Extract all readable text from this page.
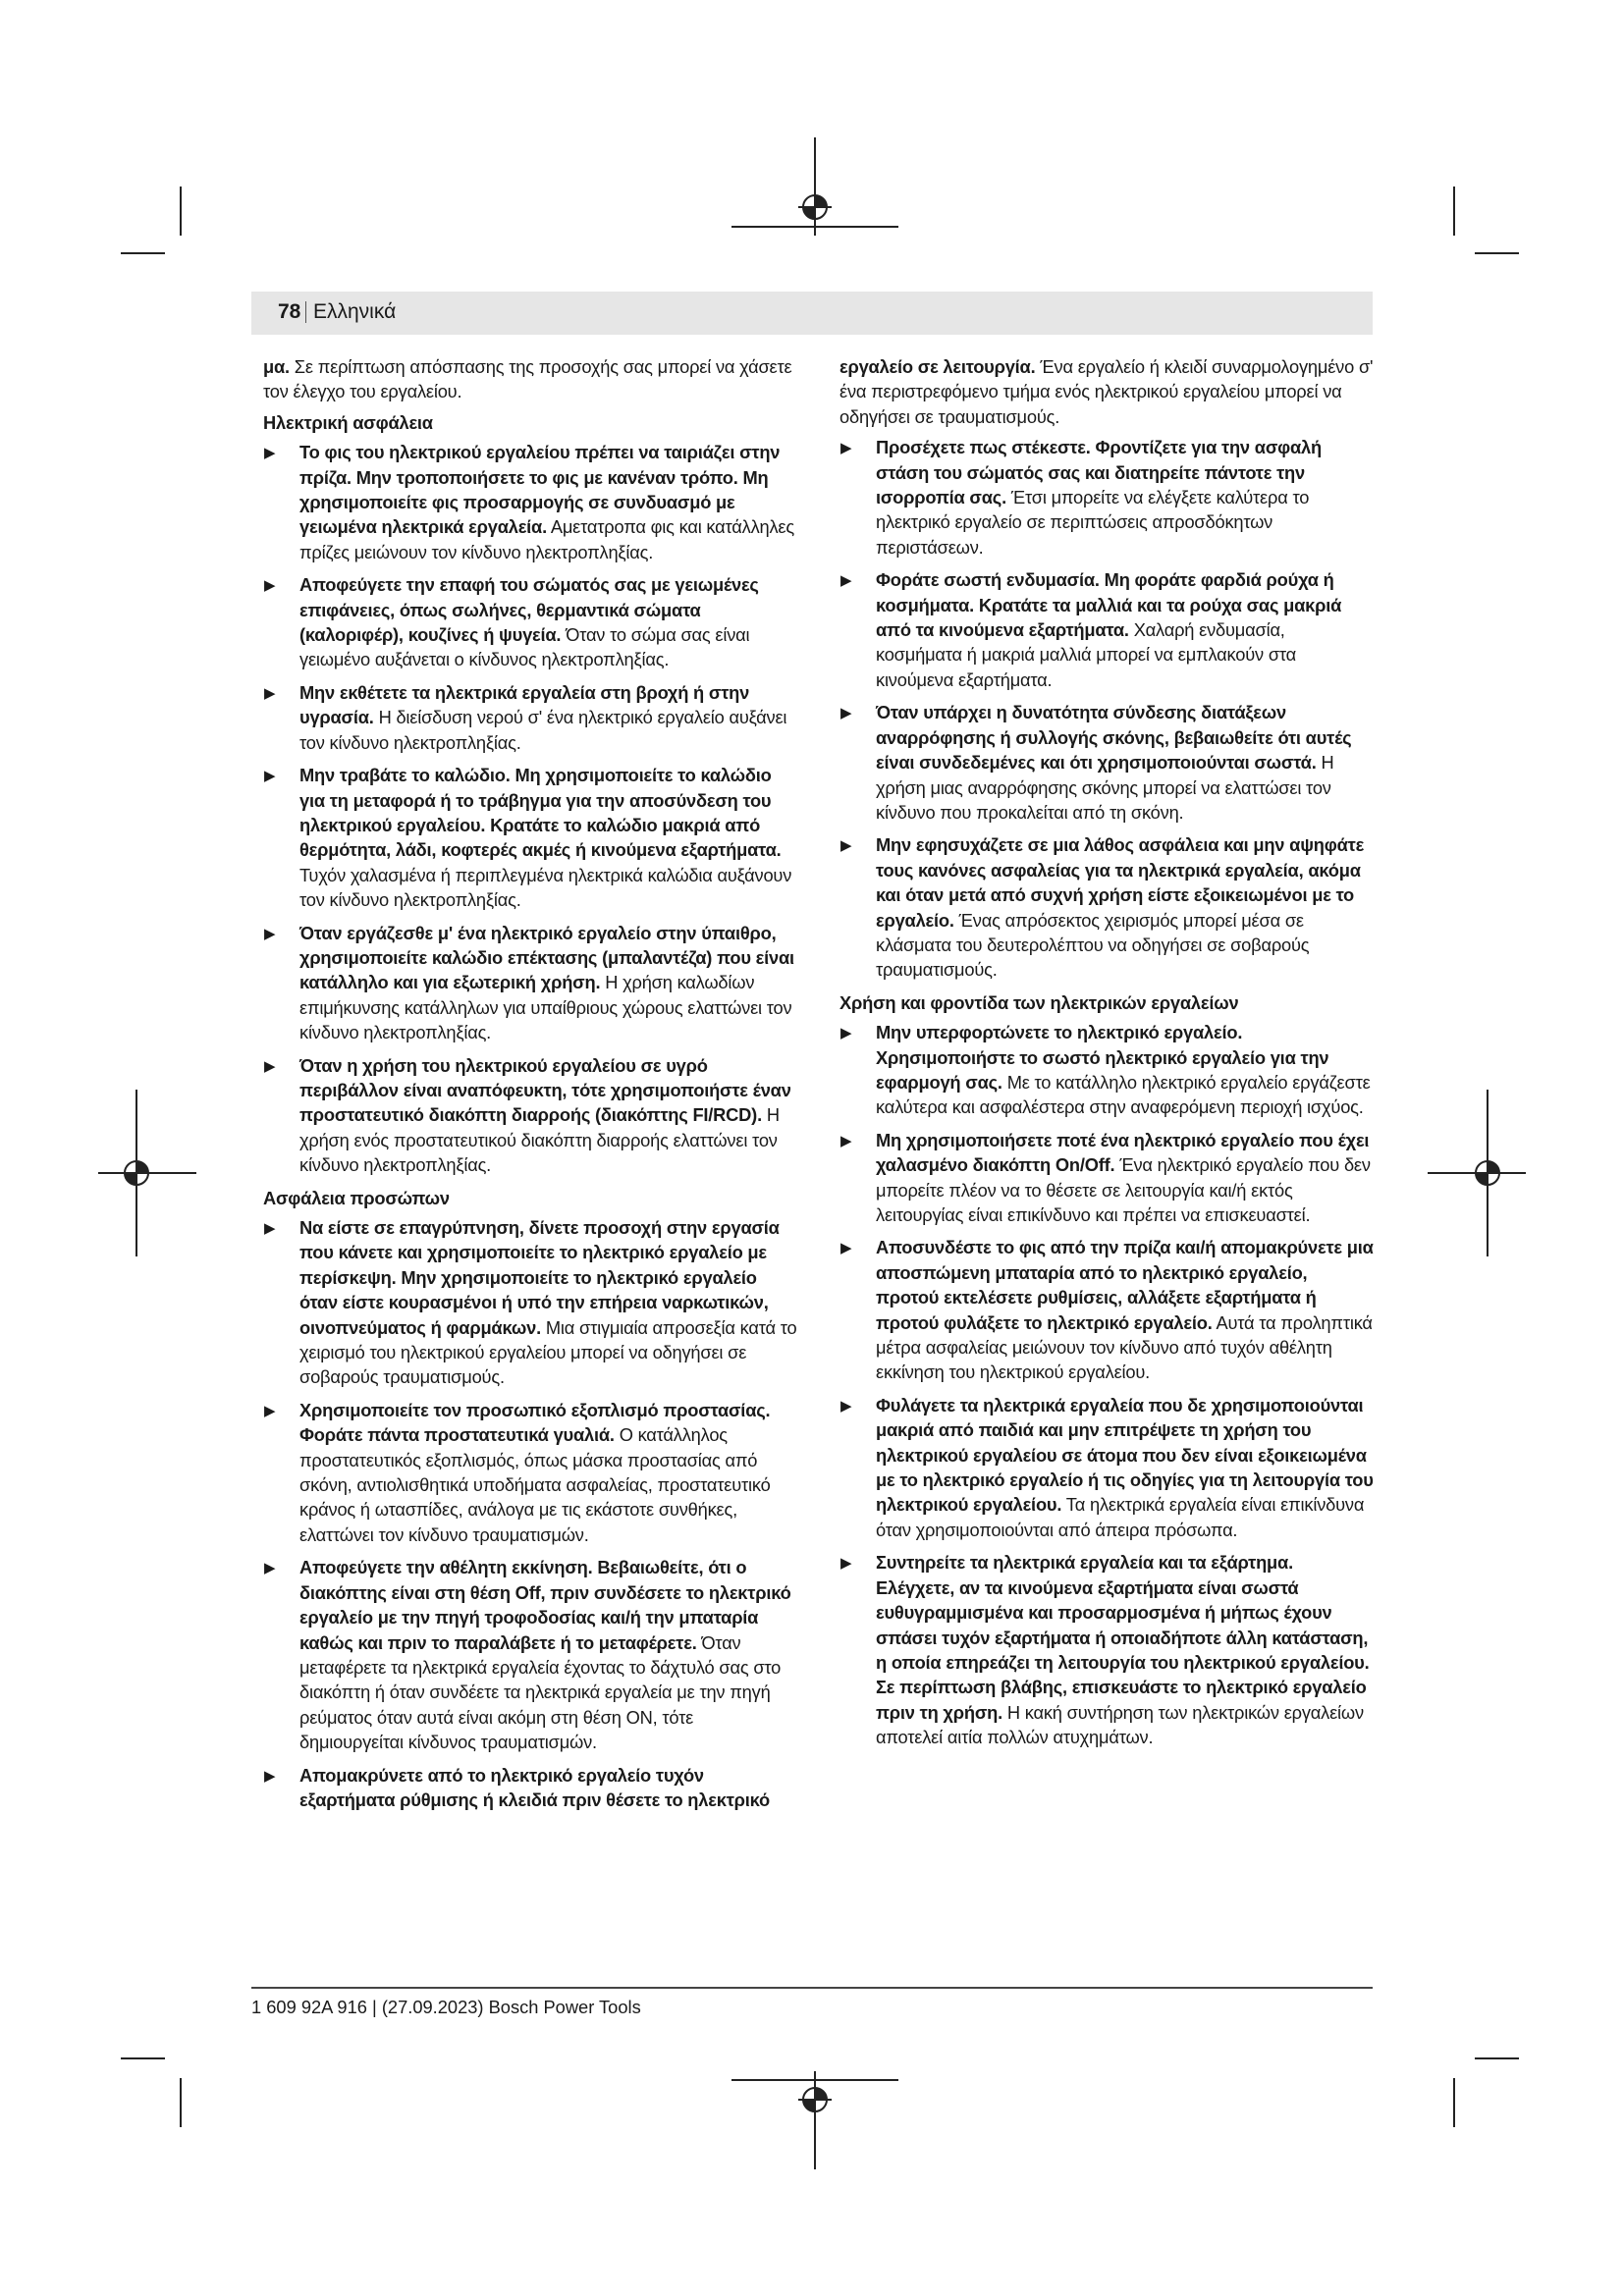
78 Ελληνικά

μα. Σε περίπτωση απόσπασης της προσοχής σας μπορεί να χάσετε τον έλεγχο του εργαλείου.

Ηλεκτρική ασφάλεια
▶ Το φις του ηλεκτρικού εργαλείου πρέπει να ταιριάζει στην πρίζα. Μην τροποποιήσετε το φις με κανέναν τρόπο. Μη χρησιμοποιείτε φις προσαρμογής σε συνδυασμό με γειωμένα ηλεκτρικά εργαλεία. Αμετατροπα φις και κατάλληλες πρίζες μειώνουν τον κίνδυνο ηλεκτροπληξίας.
▶ Αποφεύγετε την επαφή του σώματός σας με γειωμένες επιφάνειες, όπως σωλήνες, θερμαντικά σώματα (καλοριφέρ), κουζίνες ή ψυγεία. Όταν το σώμα σας είναι γειωμένο αυξάνεται ο κίνδυνος ηλεκτροπληξίας.
▶ Μην εκθέτετε τα ηλεκτρικά εργαλεία στη βροχή ή στην υγρασία. Η διείσδυση νερού σ' ένα ηλεκτρικό εργαλείο αυξάνει τον κίνδυνο ηλεκτροπληξίας.
▶ Μην τραβάτε το καλώδιο. Μη χρησιμοποιείτε το καλώδιο για τη μεταφορά ή το τράβηγμα για την αποσύνδεση του ηλεκτρικού εργαλείου. Κρατάτε το καλώδιο μακριά από θερμότητα, λάδι, κοφτερές ακμές ή κινούμενα εξαρτήματα. Τυχόν χαλασμένα ή περιπλεγμένα ηλεκτρικά καλώδια αυξάνουν τον κίνδυνο ηλεκτροπληξίας.
▶ Όταν εργάζεσθε μ' ένα ηλεκτρικό εργαλείο στην ύπαιθρο, χρησιμοποιείτε καλώδιο επέκτασης (μπαλαντέζα) που είναι κατάλληλο και για εξωτερική χρήση. Η χρήση καλωδίων επιμήκυνσης κατάλληλων για υπαίθριους χώρους ελαττώνει τον κίνδυνο ηλεκτροπληξίας.
▶ Όταν η χρήση του ηλεκτρικού εργαλείου σε υγρό περιβάλλον είναι αναπόφευκτη, τότε χρησιμοποιήστε έναν προστατευτικό διακόπτη διαρροής (διακόπτης FI/RCD). Η χρήση ενός προστατευτικού διακόπτη διαρροής ελαττώνει τον κίνδυνο ηλεκτροπληξίας.
Ασφάλεια προσώπων
▶ Να είστε σε επαγρύπνηση, δίνετε προσοχή στην εργασία που κάνετε και χρησιμοποιείτε το ηλεκτρικό εργαλείο με περίσκεψη. Μην χρησιμοποιείτε το ηλεκτρικό εργαλείο όταν είστε κουρασμένοι ή υπό την επήρεια ναρκωτικών, οινοπνεύματος ή φαρμάκων. Μια στιγμιαία απροσεξία κατά το χειρισμό του ηλεκτρικού εργαλείου μπορεί να οδηγήσει σε σοβαρούς τραυματισμούς.
▶ Χρησιμοποιείτε τον προσωπικό εξοπλισμό προστασίας. Φοράτε πάντα προστατευτικά γυαλιά. Ο κατάλληλος προστατευτικός εξοπλισμός, όπως μάσκα προστασίας από σκόνη, αντιολισθητικά υποδήματα ασφαλείας, προστατευτικό κράνος ή ωτασπίδες, ανάλογα με τις εκάστοτε συνθήκες, ελαττώνει τον κίνδυνο τραυματισμών.
▶ Αποφεύγετε την αθέλητη εκκίνηση. Βεβαιωθείτε, ότι ο διακόπτης είναι στη θέση Off, πριν συνδέσετε το ηλεκτρικό εργαλείο με την πηγή τροφοδοσίας και/ή την μπαταρία καθώς και πριν το παραλάβετε ή το μεταφέρετε. Όταν μεταφέρετε τα ηλεκτρικά εργαλεία έχοντας το δάχτυλό σας στο διακόπτη ή όταν συνδέετε τα ηλεκτρικά εργαλεία με την πηγή ρεύματος όταν αυτά είναι ακόμη στη θέση ON, τότε δημιουργείται κίνδυνος τραυματισμών.
▶ Απομακρύνετε από το ηλεκτρικό εργαλείο τυχόν εξαρτήματα ρύθμισης ή κλειδιά πριν θέσετε το ηλεκτρικό

εργαλείο σε λειτουργία. Ένα εργαλείο ή κλειδί συναρμολογημένο σ' ένα περιστρεφόμενο τμήμα ενός ηλεκτρικού εργαλείου μπορεί να οδηγήσει σε τραυματισμούς.

▶ Προσέχετε πως στέκεστε. Φροντίζετε για την ασφαλή στάση του σώματός σας και διατηρείτε πάντοτε την ισορροπία σας. Έτσι μπορείτε να ελέγξετε καλύτερα το ηλεκτρικό εργαλείο σε περιπτώσεις απροσδόκητων περιστάσεων.
▶ Φοράτε σωστή ενδυμασία. Μη φοράτε φαρδιά ρούχα ή κοσμήματα. Κρατάτε τα μαλλιά και τα ρούχα σας μακριά από τα κινούμενα εξαρτήματα. Χαλαρή ενδυμασία, κοσμήματα ή μακριά μαλλιά μπορεί να εμπλακούν στα κινούμενα εξαρτήματα.
▶ Όταν υπάρχει η δυνατότητα σύνδεσης διατάξεων αναρρόφησης ή συλλογής σκόνης, βεβαιωθείτε ότι αυτές είναι συνδεδεμένες και ότι χρησιμοποιούνται σωστά. Η χρήση μιας αναρρόφησης σκόνης μπορεί να ελαττώσει τον κίνδυνο που προκαλείται από τη σκόνη.
▶ Μην εφησυχάζετε σε μια λάθος ασφάλεια και μην αψηφάτε τους κανόνες ασφαλείας για τα ηλεκτρικά εργαλεία, ακόμα και όταν μετά από συχνή χρήση είστε εξοικειωμένοι με το εργαλείο. Ένας απρόσεκτος χειρισμός μπορεί μέσα σε κλάσματα του δευτερολέπτου να οδηγήσει σε σοβαρούς τραυματισμούς.
Χρήση και φροντίδα των ηλεκτρικών εργαλείων
▶ Μην υπερφορτώνετε το ηλεκτρικό εργαλείο. Χρησιμοποιήστε το σωστό ηλεκτρικό εργαλείο για την εφαρμογή σας. Με το κατάλληλο ηλεκτρικό εργαλείο εργάζεστε καλύτερα και ασφαλέστερα στην αναφερόμενη περιοχή ισχύος.
▶ Μη χρησιμοποιήσετε ποτέ ένα ηλεκτρικό εργαλείο που έχει χαλασμένο διακόπτη On/Off. Ένα ηλεκτρικό εργαλείο που δεν μπορείτε πλέον να το θέσετε σε λειτουργία και/ή εκτός λειτουργίας είναι επικίνδυνο και πρέπει να επισκευαστεί.
▶ Αποσυνδέστε το φις από την πρίζα και/ή απομακρύνετε μια αποσπώμενη μπαταρία από το ηλεκτρικό εργαλείο, προτού εκτελέσετε ρυθμίσεις, αλλάξετε εξαρτήματα ή προτού φυλάξετε το ηλεκτρικό εργαλείο. Αυτά τα προληπτικά μέτρα ασφαλείας μειώνουν τον κίνδυνο από τυχόν αθέλητη εκκίνηση του ηλεκτρικού εργαλείου.
▶ Φυλάγετε τα ηλεκτρικά εργαλεία που δε χρησιμοποιούνται μακριά από παιδιά και μην επιτρέψετε τη χρήση του ηλεκτρικού εργαλείου σε άτομα που δεν είναι εξοικειωμένα με το ηλεκτρικό εργαλείο ή τις οδηγίες για τη λειτουργία του ηλεκτρικού εργαλείου. Τα ηλεκτρικά εργαλεία είναι επικίνδυνα όταν χρησιμοποιούνται από άπειρα πρόσωπα.
▶ Συντηρείτε τα ηλεκτρικά εργαλεία και τα εξάρτημα. Ελέγχετε, αν τα κινούμενα εξαρτήματα είναι σωστά ευθυγραμμισμένα και προσαρμοσμένα ή μήπως έχουν σπάσει τυχόν εξαρτήματα ή οποιαδήποτε άλλη κατάσταση, η οποία επηρεάζει τη λειτουργία του ηλεκτρικού εργαλείου. Σε περίπτωση βλάβης, επισκευάστε το ηλεκτρικό εργαλείο πριν τη χρήση. Η κακή συντήρηση των ηλεκτρικών εργαλείων αποτελεί αιτία πολλών ατυχημάτων.
1 609 92A 916 | (27.09.2023) Bosch Power Tools
